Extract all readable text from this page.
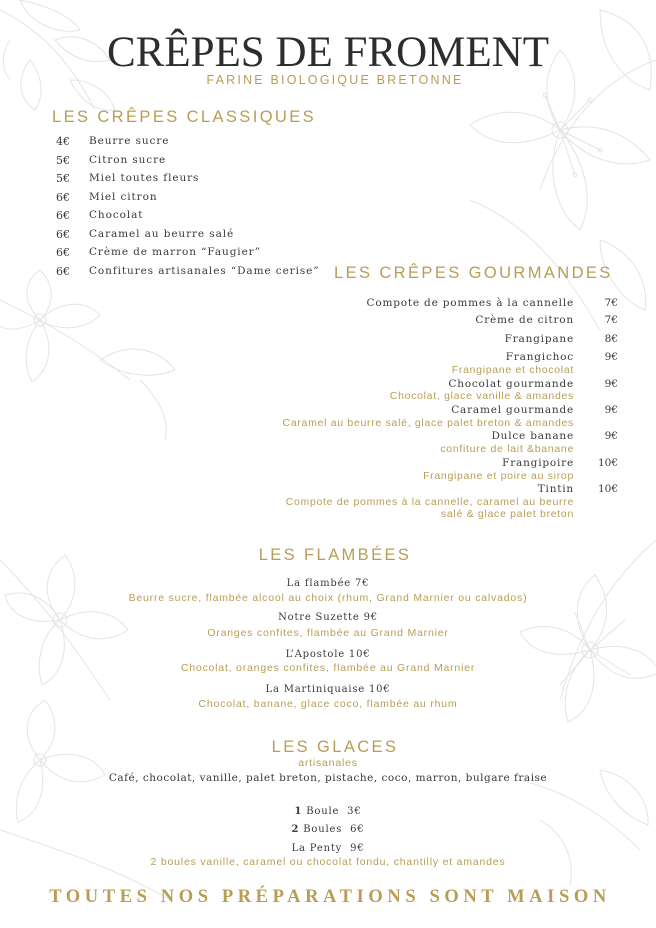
CRÊPES DE FROMENT
FARINE BIOLOGIQUE BRETONNE
LES CRÊPES CLASSIQUES
4€	Beurre sucre
5€	Citron sucre
5€	Miel toutes fleurs
6€	Miel citron
6€	Chocolat
6€	Caramel au beurre salé
6€	Crème de marron “Faugier”
6€	Confitures artisanales “Dame cerise” LES CRÊPES GOURMANDES
Compote de pommes à la cannelle	7€
Crème de citron	7€
Frangipane	8€
Frangichoc	9€
Frangipane et chocolat
Chocolat gourmande	9€
Chocolat, glace vanille & amandes
Caramel gourmande	9€
Caramel au beurre salé, glace palet breton & amandes
Dulce banane	9€
confiture de lait &banane
Frangipoire	10€
Frangipane et poire au sirop
Tintin	10€
Compote de pommes à la cannelle, caramel au beurre
salé & glace palet breton
LES FLAMBÉES
La flambée 7€
Beurre sucre, flambée alcool au choix (rhum, Grand Marnier ou calvados)
Notre Suzette 9€
Oranges confites, flambée au Grand Marnier
L’Apostole 10€
Chocolat, oranges confites, flambée au Grand Marnier
La Martiniquaise 10€
Chocolat, banane, glace coco, flambée au rhum
LES GLACES
artisanales
Café, chocolat, vanille, palet breton, pistache, coco, marron, bulgare fraise
1 Boule 3€
2 Boules 6€
La Penty 9€
2 boules vanille, caramel ou chocolat fondu, chantilly et amandes
TOUTES NOS PRÉPARATIONS SONT MAISON
